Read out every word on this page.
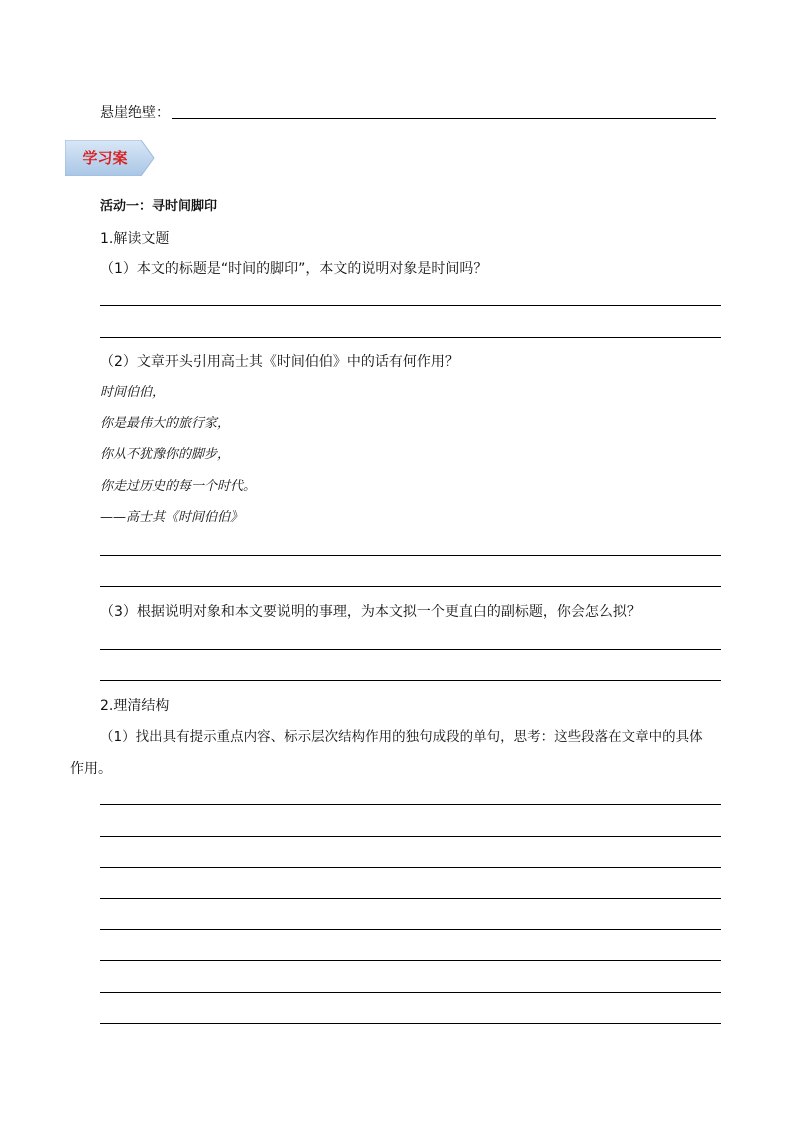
悬崖绝壁：
学习案
活动一：寻时间脚印
1.解读文题
（1）本文的标题是“时间的脚印”，本文的说明对象是时间吗？
（2）文章开头引用高士其《时间伯伯》中的话有何作用？
时间伯伯，
你是最伟大的旅行家，
你从不犹豫你的脚步，
你走过历史的每一个时代。
——高士其《时间伯伯》
（3）根据说明对象和本文要说明的事理，为本文拟一个更直白的副标题，你会怎么拟？
2.理清结构
（1）找出具有提示重点内容、标示层次结构作用的独句成段的单句，思考：这些段落在文章中的具体
作用。
